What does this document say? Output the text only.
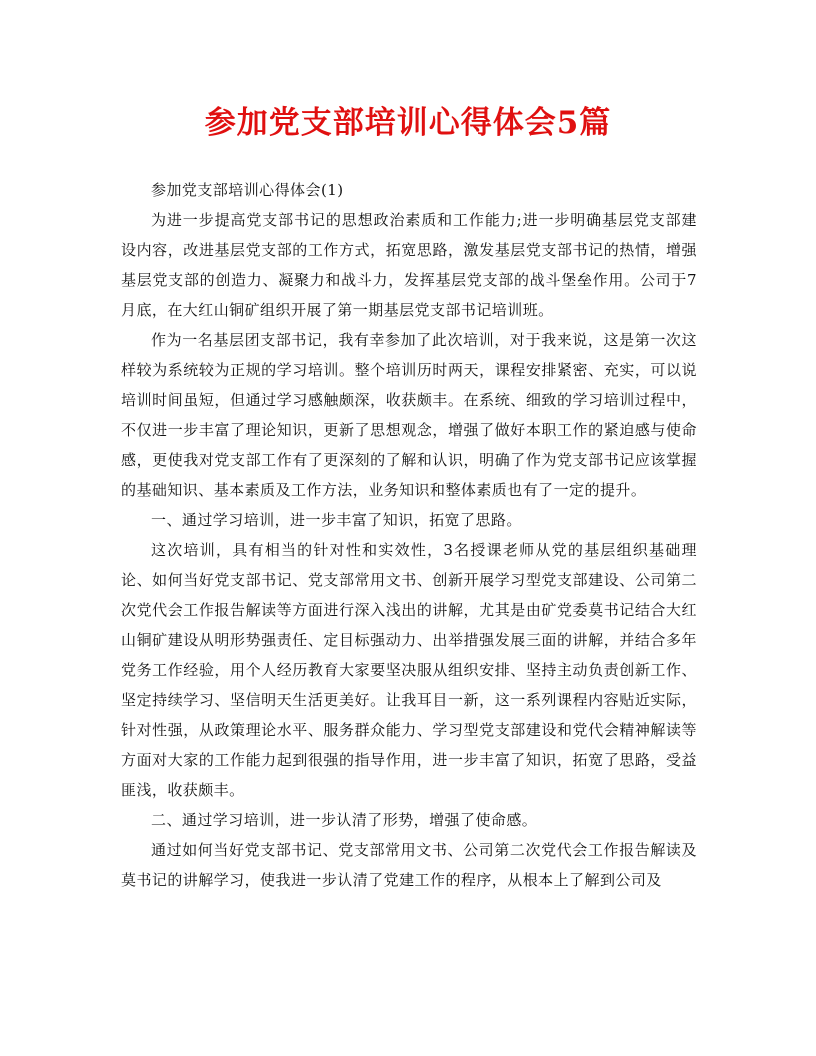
参加党支部培训心得体会5篇

参加党支部培训心得体会(1)

为进一步提高党支部书记的思想政治素质和工作能力;进一步明确基层党支部建设内容，改进基层党支部的工作方式，拓宽思路，激发基层党支部书记的热情，增强基层党支部的创造力、凝聚力和战斗力，发挥基层党支部的战斗堡垒作用。公司于7月底，在大红山铜矿组织开展了第一期基层党支部书记培训班。

作为一名基层团支部书记，我有幸参加了此次培训，对于我来说，这是第一次这样较为系统较为正规的学习培训。整个培训历时两天，课程安排紧密、充实，可以说培训时间虽短，但通过学习感触颇深，收获颇丰。在系统、细致的学习培训过程中，不仅进一步丰富了理论知识，更新了思想观念，增强了做好本职工作的紧迫感与使命感，更使我对党支部工作有了更深刻的了解和认识，明确了作为党支部书记应该掌握的基础知识、基本素质及工作方法，业务知识和整体素质也有了一定的提升。

一、通过学习培训，进一步丰富了知识，拓宽了思路。

这次培训，具有相当的针对性和实效性，3名授课老师从党的基层组织基础理论、如何当好党支部书记、党支部常用文书、创新开展学习型党支部建设、公司第二次党代会工作报告解读等方面进行深入浅出的讲解，尤其是由矿党委莫书记结合大红山铜矿建设从明形势强责任、定目标强动力、出举措强发展三面的讲解，并结合多年党务工作经验，用个人经历教育大家要坚决服从组织安排、坚持主动负责创新工作、坚定持续学习、坚信明天生活更美好。让我耳目一新，这一系列课程内容贴近实际，针对性强，从政策理论水平、服务群众能力、学习型党支部建设和党代会精神解读等方面对大家的工作能力起到很强的指导作用，进一步丰富了知识，拓宽了思路，受益匪浅，收获颇丰。

二、通过学习培训，进一步认清了形势，增强了使命感。

通过如何当好党支部书记、党支部常用文书、公司第二次党代会工作报告解读及莫书记的讲解学习，使我进一步认清了党建工作的程序，从根本上了解到公司及
